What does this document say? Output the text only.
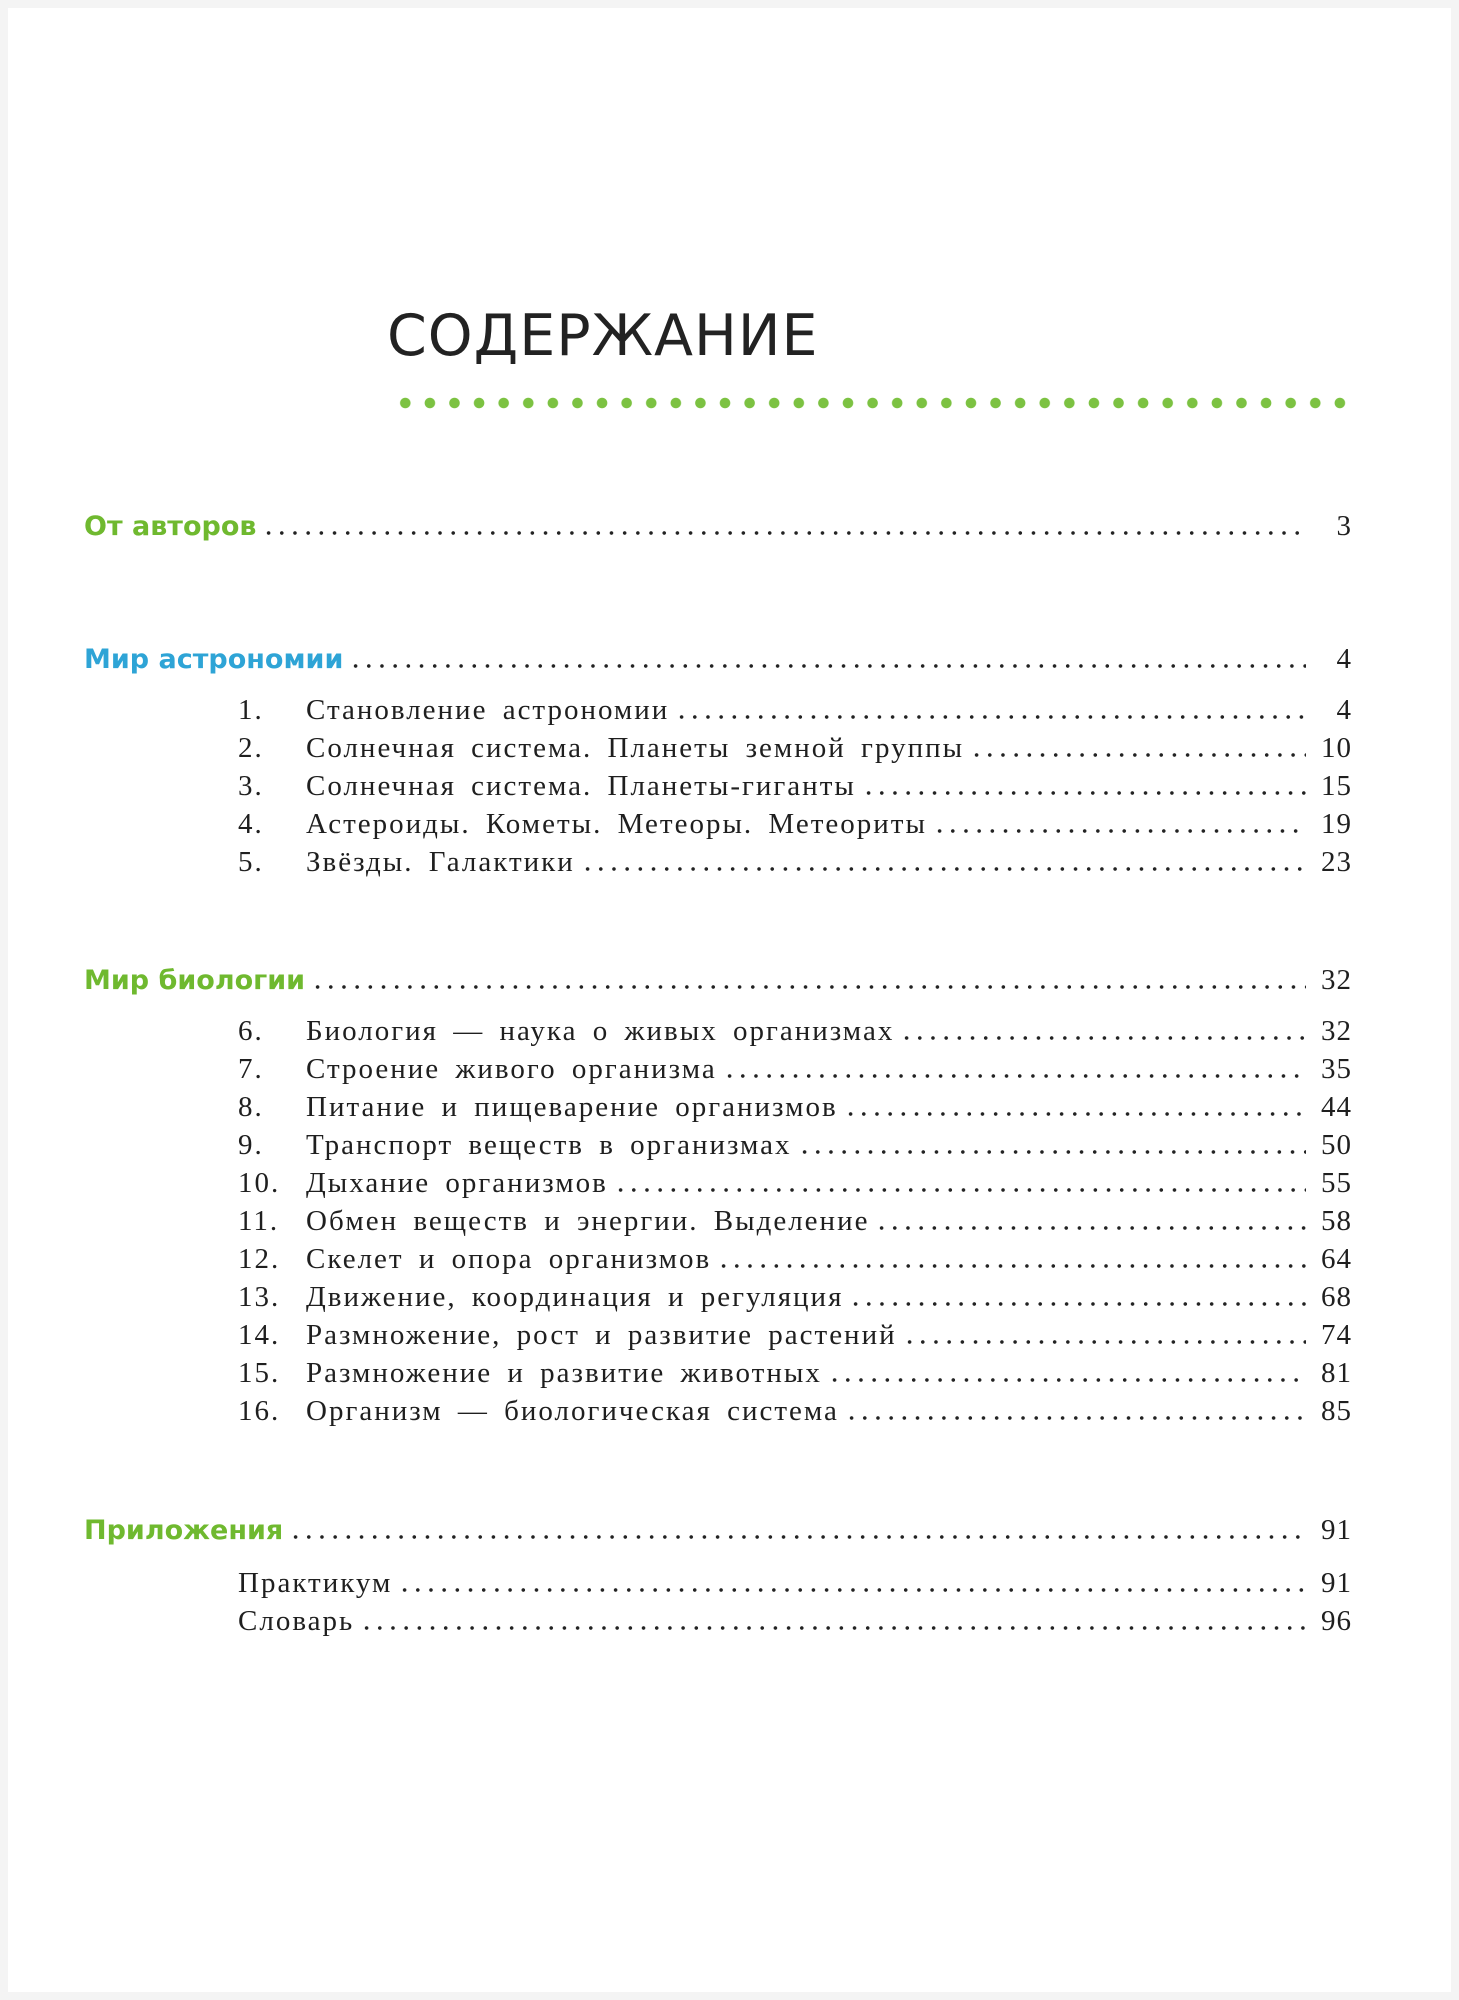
СОДЕРЖАНИЕ
От авторов	3
Мир астрономии	4
1.	Становление астрономии	4
2.	Солнечная система. Планеты земной группы	10
3.	Солнечная система. Планеты-гиганты	15
4.	Астероиды. Кометы. Метеоры. Метеориты	19
5.	Звёзды. Галактики	23
Мир биологии	32
6.	Биология — наука о живых организмах	32
7.	Строение живого организма	35
8.	Питание и пищеварение организмов	44
9.	Транспорт веществ в организмах	50
10. Дыхание организмов	55
11. Обмен веществ и энергии. Выделение	58
12. Скелет и опора организмов	64
13. Движение, координация и регуляция	68
14. Размножение, рост и развитие растений	74
15. Размножение и развитие животных	81
16. Организм — биологическая система	85
Приложения	91
Практикум	91
Словарь	96
